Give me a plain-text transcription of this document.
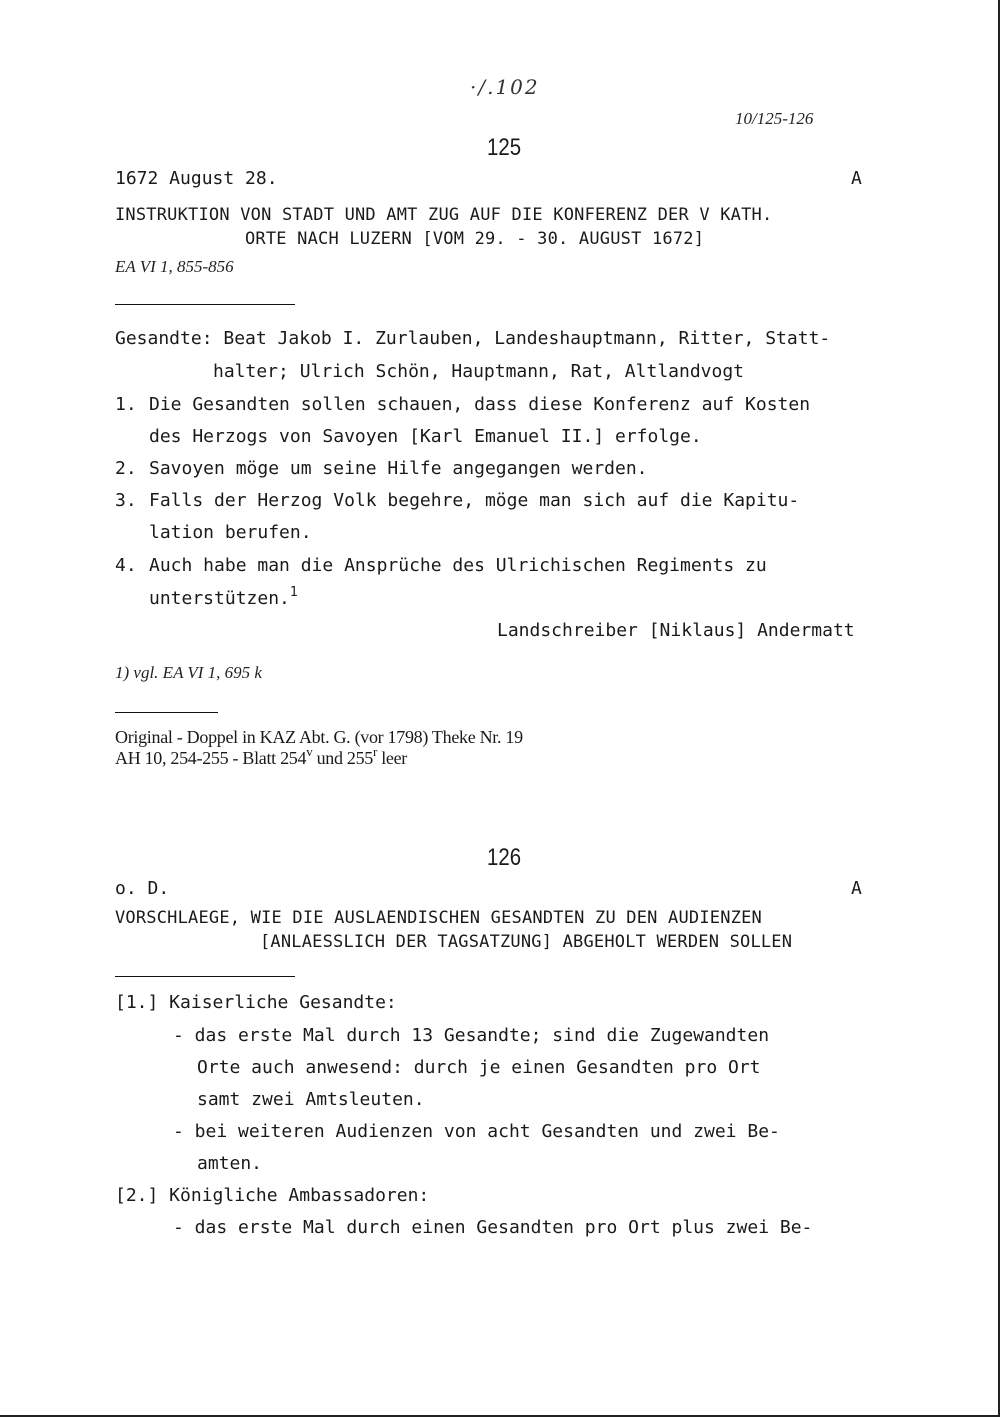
·/.102
10/125-126
125
1672 August 28.	A
INSTRUKTION VON STADT UND AMT ZUG AUF DIE KONFERENZ DER V KATH.
ORTE NACH LUZERN [VOM 29. - 30. AUGUST 1672]
EA VI 1, 855-856
Gesandte: Beat Jakob I. Zurlauben, Landeshauptmann, Ritter, Statt-
halter; Ulrich Schön, Hauptmann, Rat, Altlandvogt
1. Die Gesandten sollen schauen, dass diese Konferenz auf Kosten
des Herzogs von Savoyen [Karl Emanuel II.] erfolge.
2. Savoyen möge um seine Hilfe angegangen werden.
3. Falls der Herzog Volk begehre, möge man sich auf die Kapitu-
lation berufen.
4. Auch habe man die Ansprüche des Ulrichischen Regiments zu
unterstützen.$^1$
Landschreiber [Niklaus] Andermatt
1) vgl. EA VI 1, 695 k
Original - Doppel in KAZ Abt. G. (vor 1798) Theke Nr. 19
AH 10, 254-255 - Blatt 254$^v$ und 255$^r$ leer
126
o. D.	A
VORSCHLAEGE, WIE DIE AUSLAENDISCHEN GESANDTEN ZU DEN AUDIENZEN
[ANLAESSLICH DER TAGSATZUNG] ABGEHOLT WERDEN SOLLEN
[1.] Kaiserliche Gesandte:
- das erste Mal durch 13 Gesandte; sind die Zugewandten
Orte auch anwesend: durch je einen Gesandten pro Ort
samt zwei Amtsleuten.
- bei weiteren Audienzen von acht Gesandten und zwei Be-
amten.
[2.] Königliche Ambassadoren:
- das erste Mal durch einen Gesandten pro Ort plus zwei Be-
